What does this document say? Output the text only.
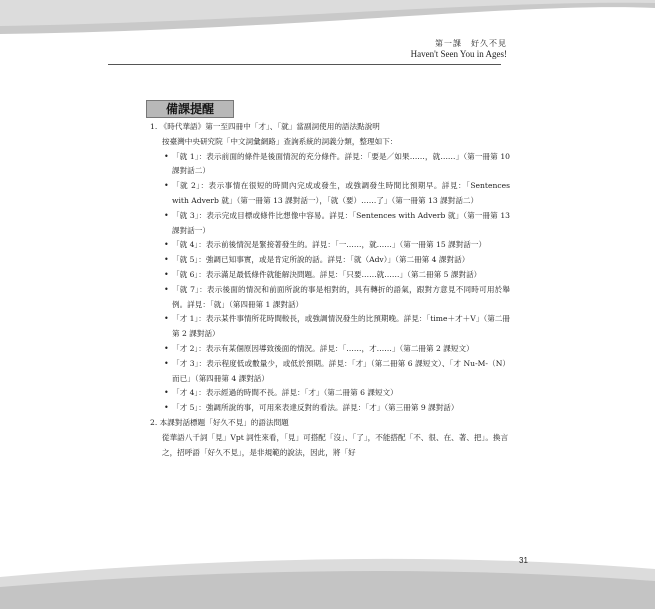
第一課　好久不見
Haven't Seen You in Ages!
備課提醒
1. 《時代華語》第一至四冊中「才」、「就」當副詞使用的語法點說明
按臺灣中央研究院「中文詞彙網路」查詢系統的詞義分類，整理如下：
• 「就 1」：表示前面的條件是後面情況的充分條件。詳見：「要是／如果……，就……」（第一冊第 10 課對話二）
• 「就 2」：表示事情在很短的時間內完成或發生，或強調發生時間比預期早。詳見：「Sentences with Adverb 就」（第一冊第 13 課對話一），「就（要）……了」（第一冊第 13 課對話二）
• 「就 3」：表示完成目標或條件比想像中容易。詳見：「Sentences with Adverb 就」（第一冊第 13 課對話一）
• 「就 4」：表示前後情況是緊接著發生的。詳見：「一……，就……」（第一冊第 15 課對話一）
• 「就 5」：強調已知事實，或是肯定所說的話。詳見：「就（Adv）」（第二冊第 4 課對話）
• 「就 6」：表示滿足最低條件就能解決問題。詳見：「只要……就……」（第二冊第 5 課對話）
• 「就 7」：表示後面的情況和前面所說的事是相對的，具有轉折的語氣，跟對方意見不同時可用於舉例。詳見：「就」（第四冊第 1 課對話）
• 「才 1」：表示某件事情所花時間較長，或強調情況發生的比預期晚。詳見：「time＋才＋V」（第二冊第 2 課對話）
• 「才 2」：表示有某個原因導致後面的情況。詳見：「……，才……」（第二冊第 2 課短文）
• 「才 3」：表示程度低或數量少，或低於預期。詳見：「才」（第二冊第 6 課短文）、「才 Nu-M-（N）而已」（第四冊第 4 課對話）
• 「才 4」：表示經過的時間不長。詳見：「才」（第二冊第 6 課短文）
• 「才 5」：強調所說的事，可用來表達反對的看法。詳見：「才」（第三冊第 9 課對話）
2. 本課對話標題「好久不見」的語法問題
從華語八千詞「見」Vpt 詞性來看，「見」可搭配「沒」、「了」，不能搭配「不、很、在、著、把」。換言之，招呼語「好久不見」，是非規範的說法，因此，將「好
31
